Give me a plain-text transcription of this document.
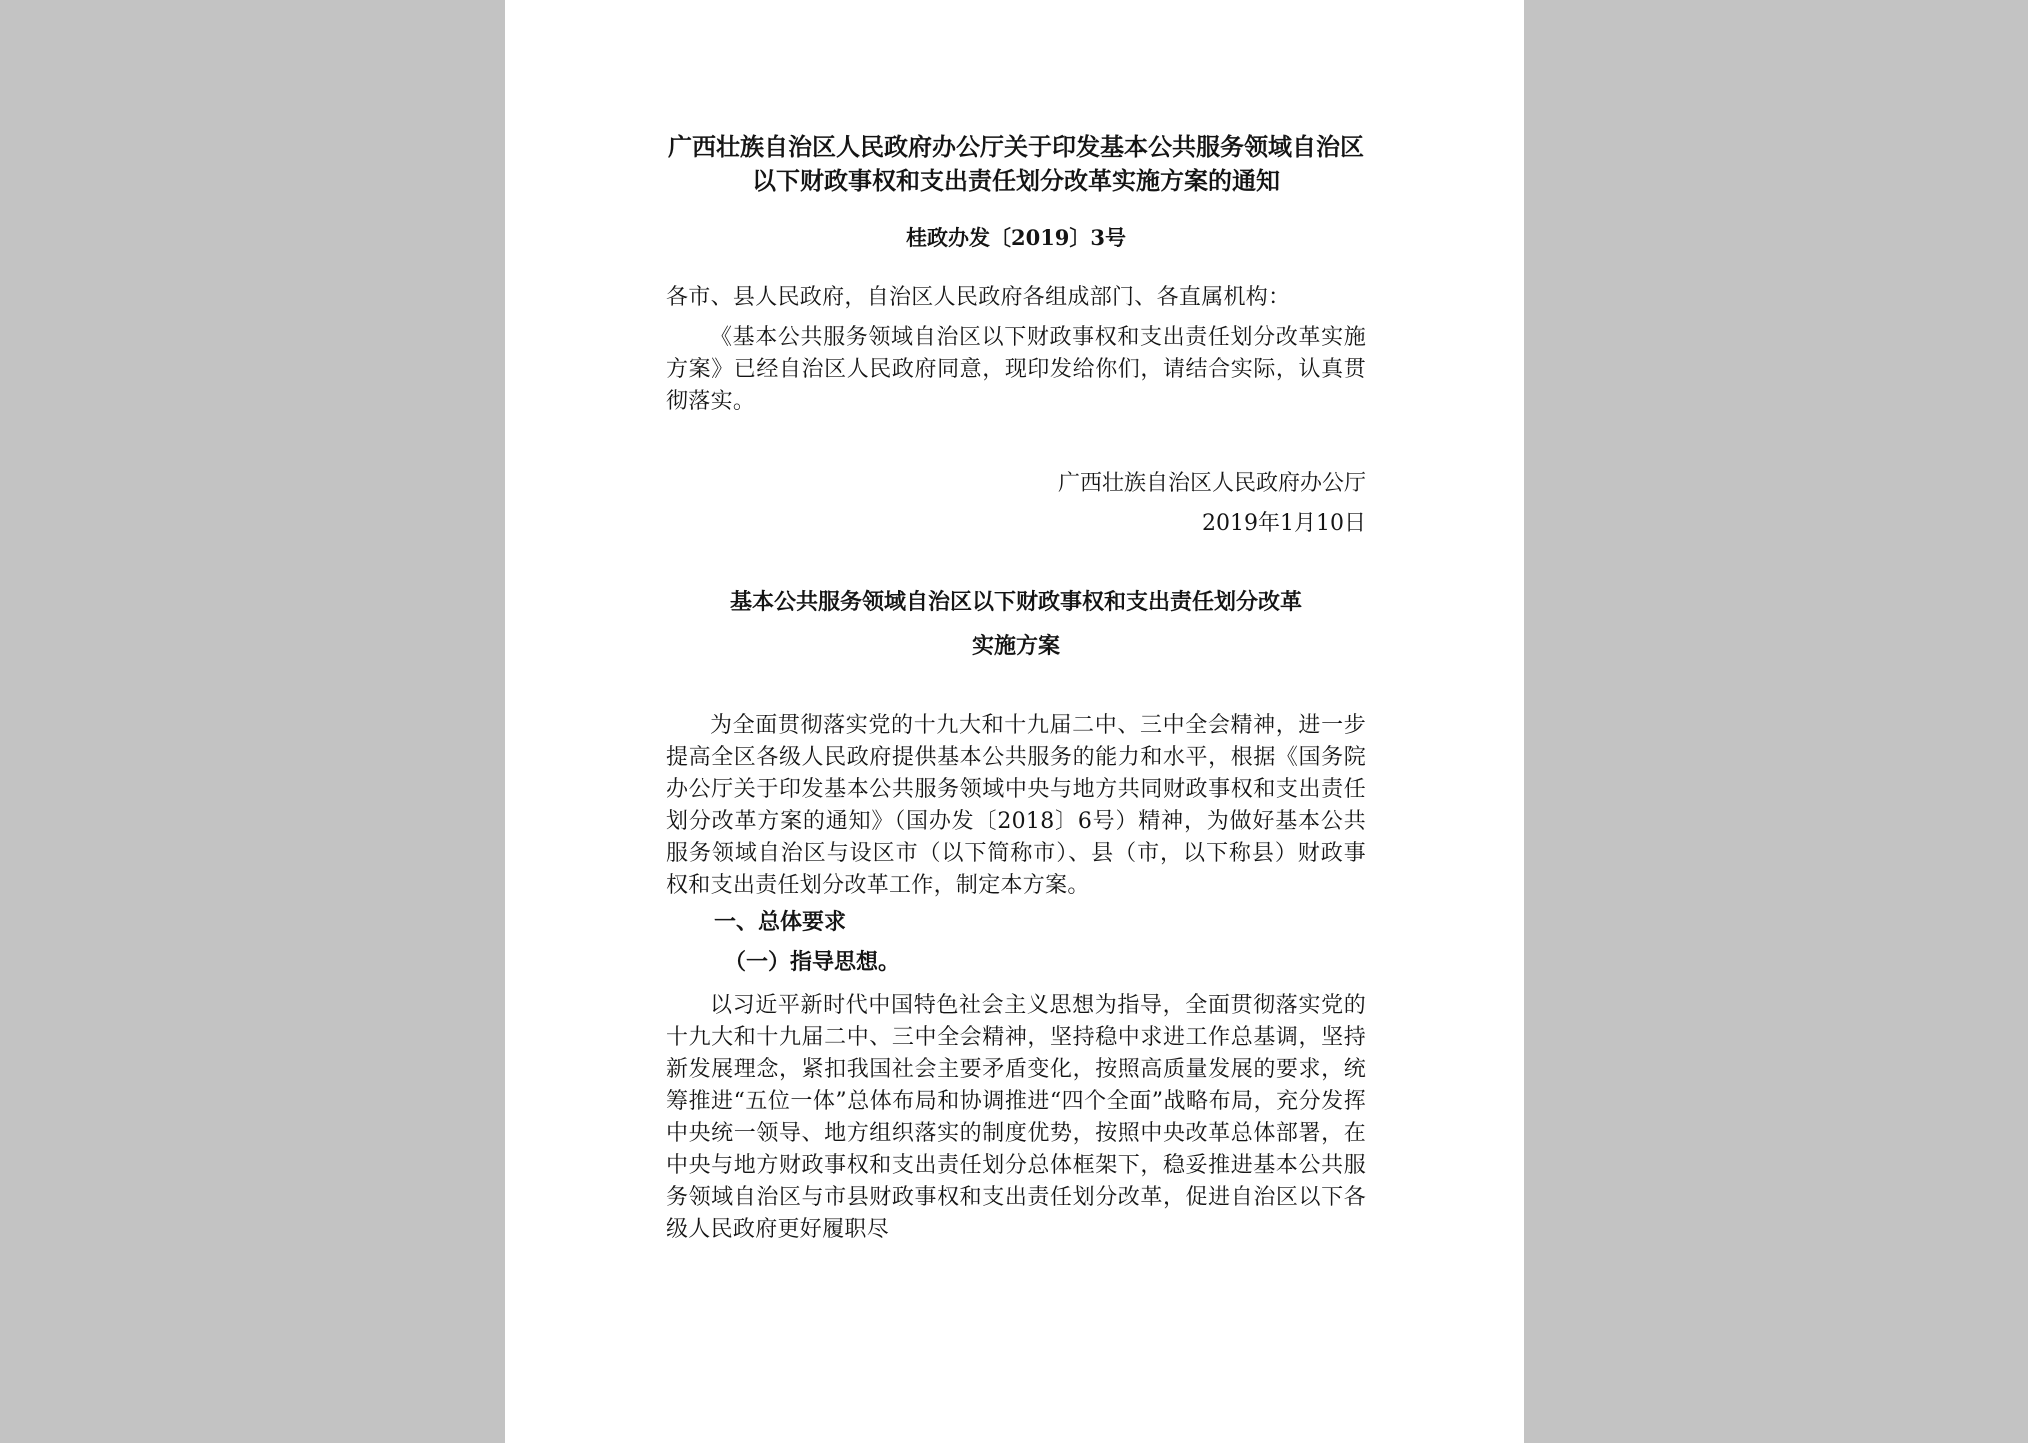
广西壮族自治区人民政府办公厅关于印发基本公共服务领域自治区
以下财政事权和支出责任划分改革实施方案的通知

桂政办发〔2019〕3号

各市、县人民政府，自治区人民政府各组成部门、各直属机构：

《基本公共服务领域自治区以下财政事权和支出责任划分改革实施方案》已经自治区人民政府同意，现印发给你们，请结合实际，认真贯彻落实。

广西壮族自治区人民政府办公厅

2019年1月10日

基本公共服务领域自治区以下财政事权和支出责任划分改革
实施方案

为全面贯彻落实党的十九大和十九届二中、三中全会精神，进一步提高全区各级人民政府提供基本公共服务的能力和水平，根据《国务院办公厅关于印发基本公共服务领域中央与地方共同财政事权和支出责任划分改革方案的通知》（国办发〔2018〕6号）精神，为做好基本公共服务领域自治区与设区市（以下简称市）、县（市，以下称县）财政事权和支出责任划分改革工作，制定本方案。

一、总体要求

（一）指导思想。

以习近平新时代中国特色社会主义思想为指导，全面贯彻落实党的十九大和十九届二中、三中全会精神，坚持稳中求进工作总基调，坚持新发展理念，紧扣我国社会主要矛盾变化，按照高质量发展的要求，统筹推进“五位一体”总体布局和协调推进“四个全面”战略布局，充分发挥中央统一领导、地方组织落实的制度优势，按照中央改革总体部署，在中央与地方财政事权和支出责任划分总体框架下，稳妥推进基本公共服务领域自治区与市县财政事权和支出责任划分改革，促进自治区以下各级人民政府更好履职尽
